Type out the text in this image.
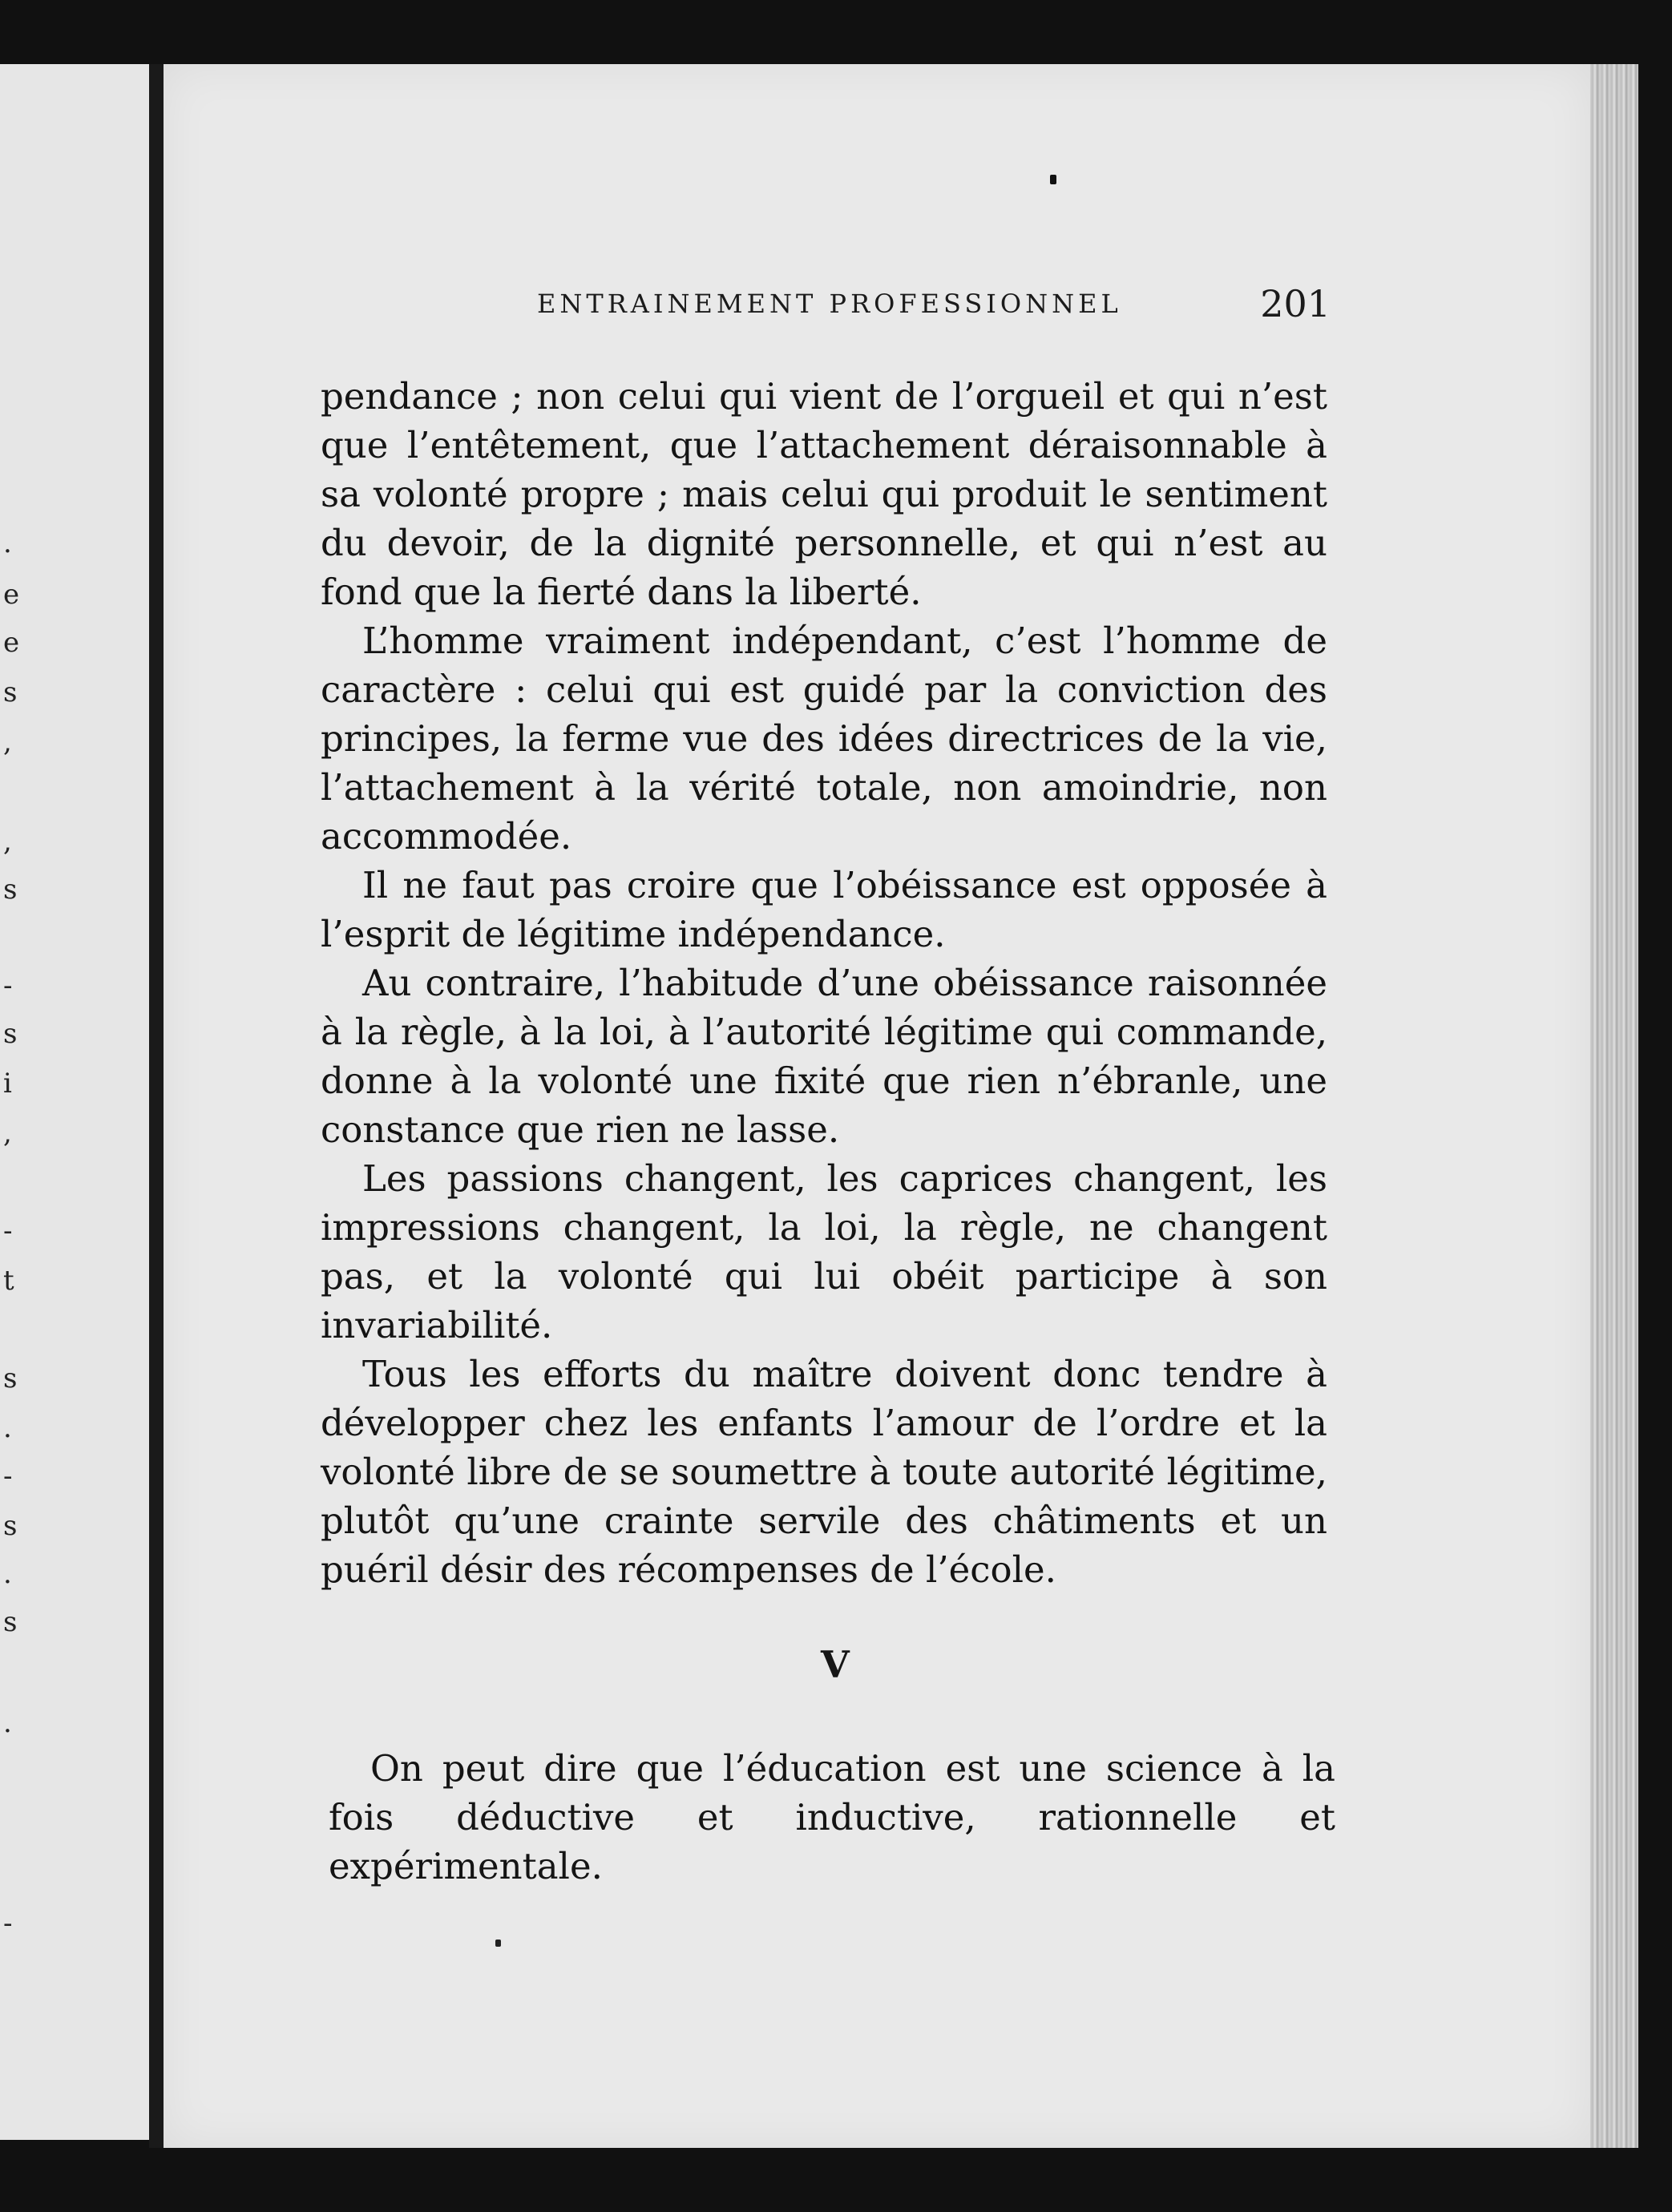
.
e
e
s
,
,
s
-
s
i
,
-
t
s
.
-
s
.
s
.
-
ENTRAINEMENT PROFESSIONNEL	201

pendance ; non celui qui vient de l’orgueil et qui n’est que l’entêtement, que l’attachement déraisonnable à sa volonté propre ; mais celui qui produit le sentiment du devoir, de la dignité personnelle, et qui n’est au fond que la fierté dans la liberté.

L’homme vraiment indépendant, c’est l’homme de caractère : celui qui est guidé par la conviction des principes, la ferme vue des idées directrices de la vie, l’attachement à la vérité totale, non amoindrie, non accommodée.

Il ne faut pas croire que l’obéissance est opposée à l’esprit de légitime indépendance.

Au contraire, l’habitude d’une obéissance raisonnée à la règle, à la loi, à l’autorité légitime qui commande, donne à la volonté une fixité que rien n’ébranle, une constance que rien ne lasse.

Les passions changent, les caprices changent, les impressions changent, la loi, la règle, ne changent pas, et la volonté qui lui obéit participe à son invariabilité.

Tous les efforts du maître doivent donc tendre à développer chez les enfants l’amour de l’ordre et la volonté libre de se soumettre à toute autorité légitime, plutôt qu’une crainte servile des châtiments et un puéril désir des récompenses de l’école.

V

On peut dire que l’éducation est une science à la fois déductive et inductive, rationnelle et expérimentale.
